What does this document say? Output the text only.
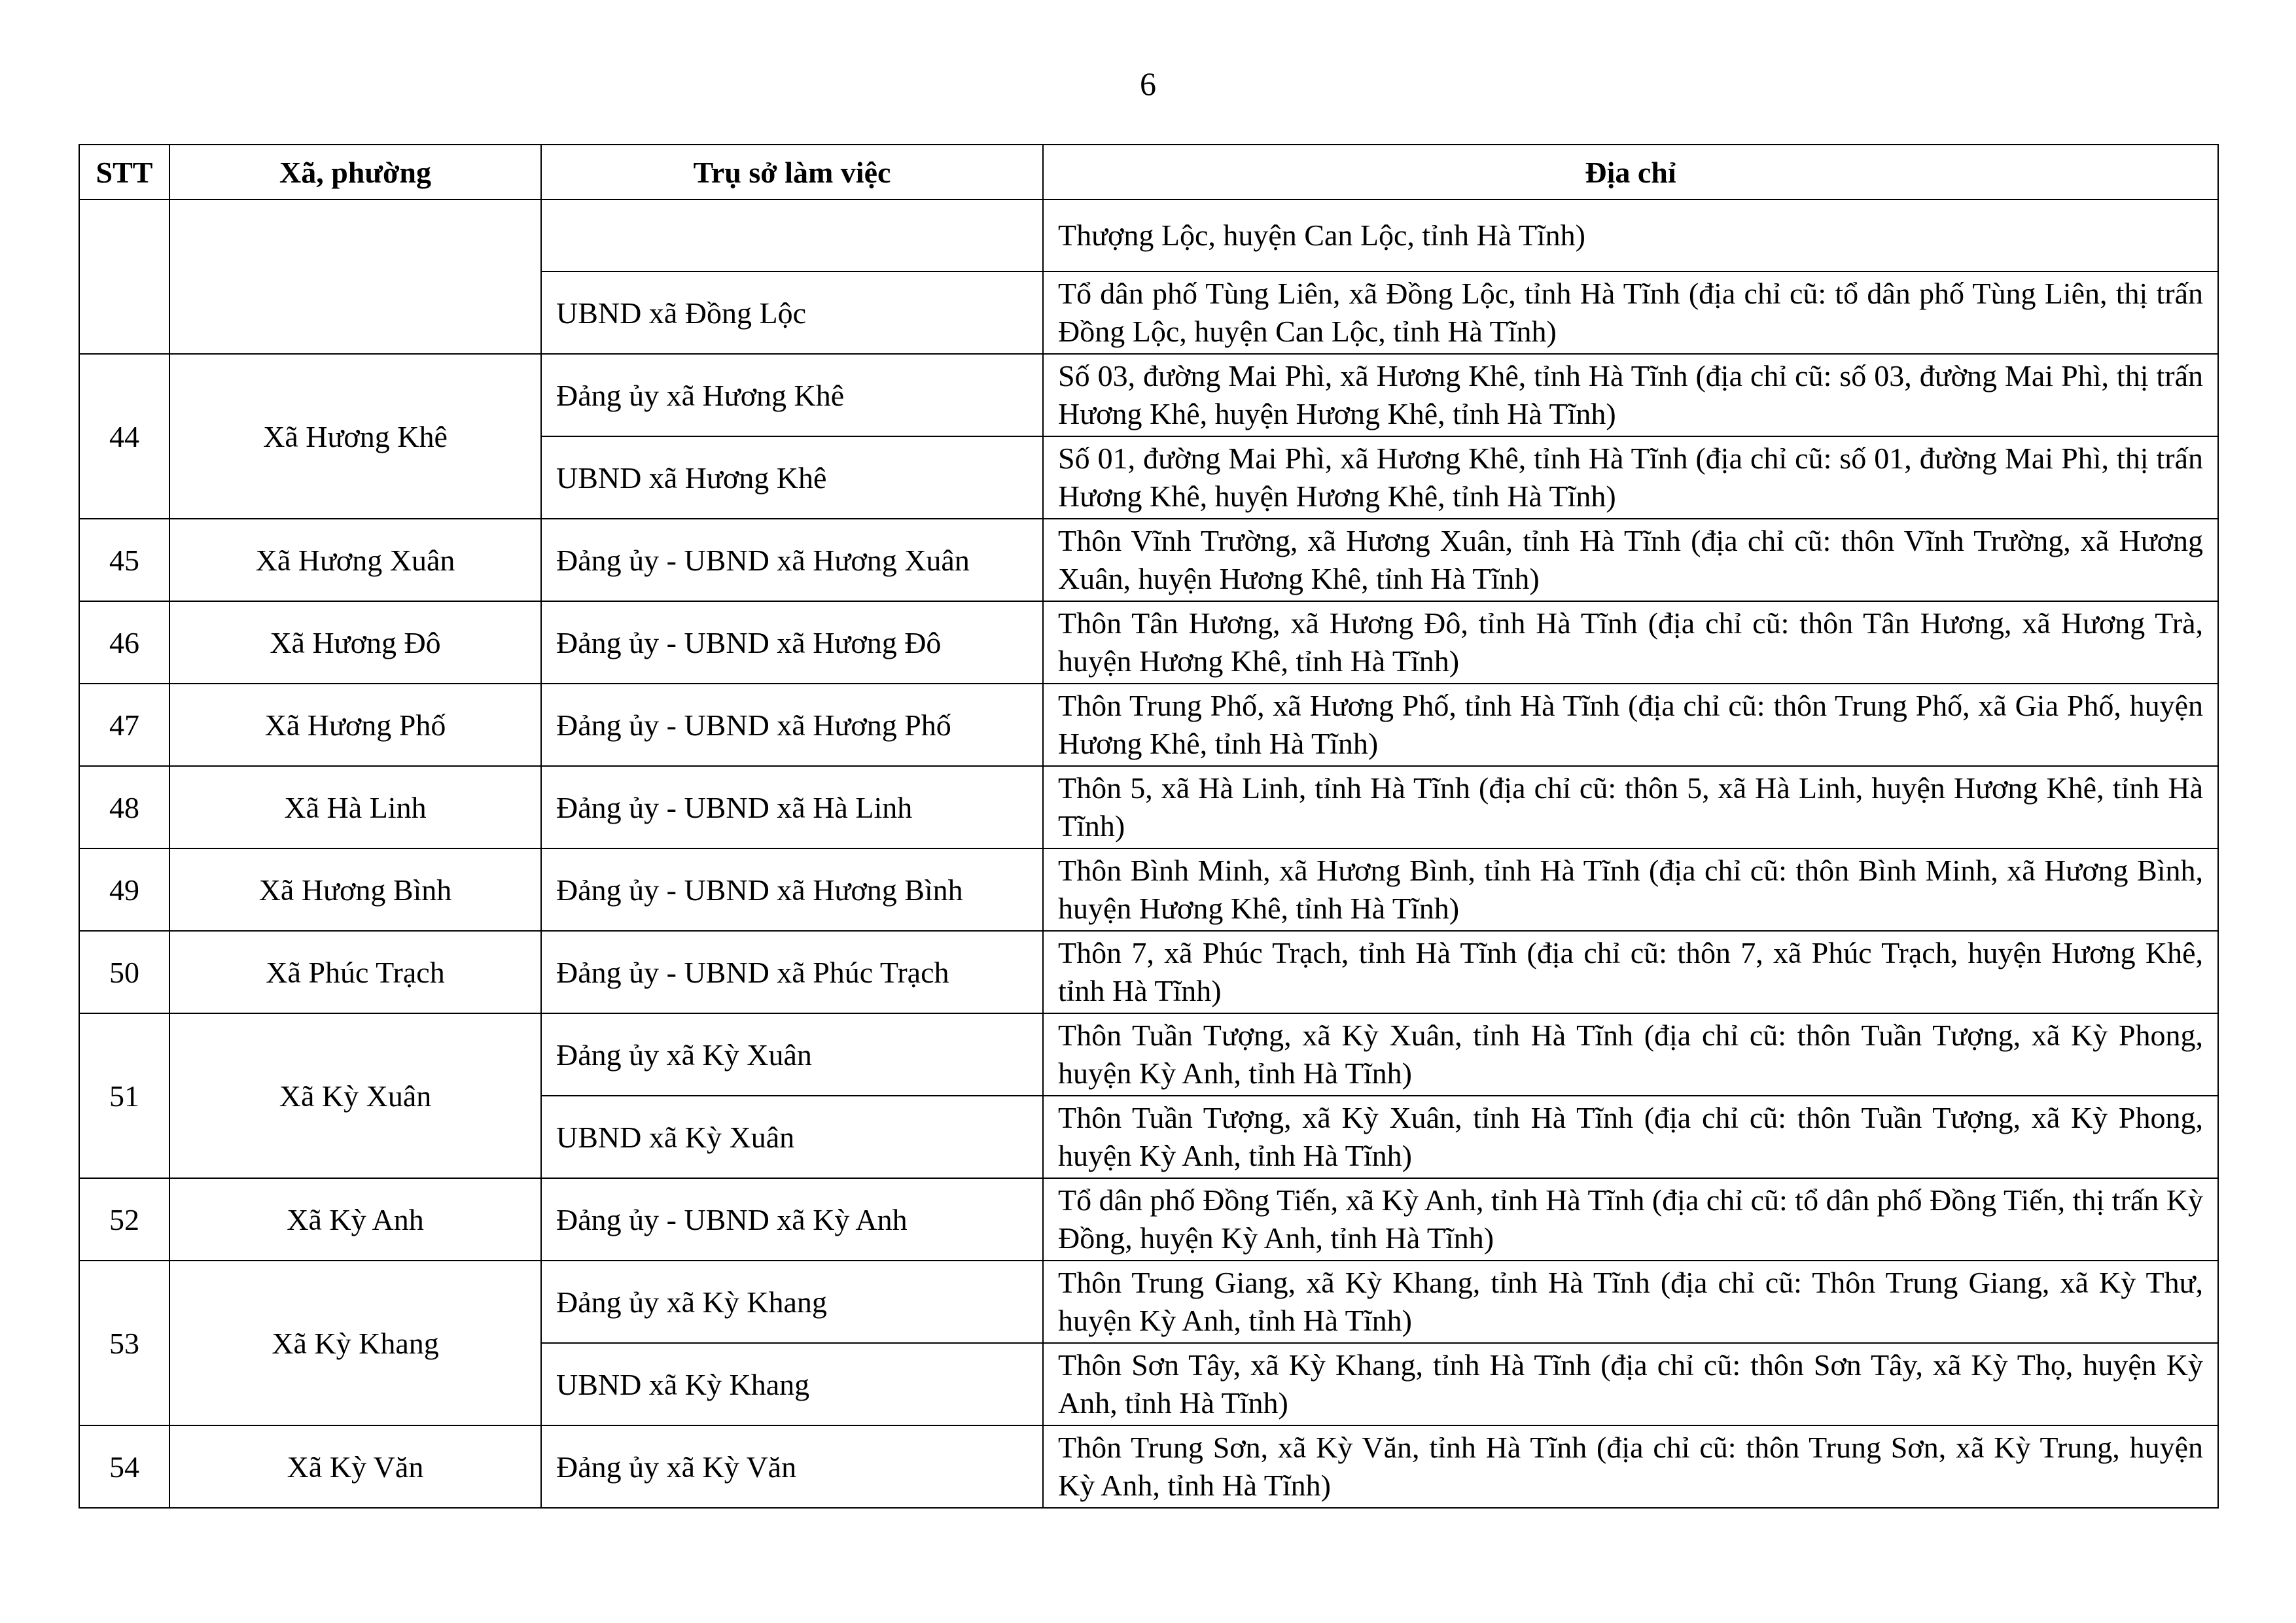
6
STT	Xã, phường	Trụ sở làm việc	Địa chỉ
			Thượng Lộc, huyện Can Lộc, tỉnh Hà Tĩnh)
		UBND xã Đồng Lộc	Tổ dân phố Tùng Liên, xã Đồng Lộc, tỉnh Hà Tĩnh (địa chỉ cũ: tổ dân phố Tùng Liên, thị trấn Đồng Lộc, huyện Can Lộc, tỉnh Hà Tĩnh)
44	Xã Hương Khê	Đảng ủy xã Hương Khê	Số 03, đường Mai Phì, xã Hương Khê, tỉnh Hà Tĩnh (địa chỉ cũ: số 03, đường Mai Phì, thị trấn Hương Khê, huyện Hương Khê, tỉnh Hà Tĩnh)
		UBND xã Hương Khê	Số 01, đường Mai Phì, xã Hương Khê, tỉnh Hà Tĩnh (địa chỉ cũ: số 01, đường Mai Phì, thị trấn Hương Khê, huyện Hương Khê, tỉnh Hà Tĩnh)
45	Xã Hương Xuân	Đảng ủy - UBND xã Hương Xuân	Thôn Vĩnh Trường, xã Hương Xuân, tỉnh Hà Tĩnh (địa chỉ cũ: thôn Vĩnh Trường, xã Hương Xuân, huyện Hương Khê, tỉnh Hà Tĩnh)
46	Xã Hương Đô	Đảng ủy - UBND xã Hương Đô	Thôn Tân Hương, xã Hương Đô, tỉnh Hà Tĩnh (địa chỉ cũ: thôn Tân Hương, xã Hương Trà, huyện Hương Khê, tỉnh Hà Tĩnh)
47	Xã Hương Phố	Đảng ủy - UBND xã Hương Phố	Thôn Trung Phố, xã Hương Phố, tỉnh Hà Tĩnh (địa chỉ cũ: thôn Trung Phố, xã Gia Phố, huyện Hương Khê, tỉnh Hà Tĩnh)
48	Xã Hà Linh	Đảng ủy - UBND xã Hà Linh	Thôn 5, xã Hà Linh, tỉnh Hà Tĩnh (địa chỉ cũ: thôn 5, xã Hà Linh, huyện Hương Khê, tỉnh Hà Tĩnh)
49	Xã Hương Bình	Đảng ủy - UBND xã Hương Bình	Thôn Bình Minh, xã Hương Bình, tỉnh Hà Tĩnh (địa chỉ cũ: thôn Bình Minh, xã Hương Bình, huyện Hương Khê, tỉnh Hà Tĩnh)
50	Xã Phúc Trạch	Đảng ủy - UBND xã Phúc Trạch	Thôn 7, xã Phúc Trạch, tỉnh Hà Tĩnh (địa chỉ cũ: thôn 7, xã Phúc Trạch, huyện Hương Khê, tỉnh Hà Tĩnh)
51	Xã Kỳ Xuân	Đảng ủy xã Kỳ Xuân	Thôn Tuần Tượng, xã Kỳ Xuân, tỉnh Hà Tĩnh (địa chỉ cũ: thôn Tuần Tượng, xã Kỳ Phong, huyện Kỳ Anh, tỉnh Hà Tĩnh)
		UBND xã Kỳ Xuân	Thôn Tuần Tượng, xã Kỳ Xuân, tỉnh Hà Tĩnh (địa chỉ cũ: thôn Tuần Tượng, xã Kỳ Phong, huyện Kỳ Anh, tỉnh Hà Tĩnh)
52	Xã Kỳ Anh	Đảng ủy - UBND xã Kỳ Anh	Tổ dân phố Đồng Tiến, xã Kỳ Anh, tỉnh Hà Tĩnh (địa chỉ cũ: tổ dân phố Đồng Tiến, thị trấn Kỳ Đồng, huyện Kỳ Anh, tỉnh Hà Tĩnh)
53	Xã Kỳ Khang	Đảng ủy xã Kỳ Khang	Thôn Trung Giang, xã Kỳ Khang, tỉnh Hà Tĩnh (địa chỉ cũ: Thôn Trung Giang, xã Kỳ Thư, huyện Kỳ Anh, tỉnh Hà Tĩnh)
		UBND xã Kỳ Khang	Thôn Sơn Tây, xã Kỳ Khang, tỉnh Hà Tĩnh (địa chỉ cũ: thôn Sơn Tây, xã Kỳ Thọ, huyện Kỳ Anh, tỉnh Hà Tĩnh)
54	Xã Kỳ Văn	Đảng ủy xã Kỳ Văn	Thôn Trung Sơn, xã Kỳ Văn, tỉnh Hà Tĩnh (địa chỉ cũ: thôn Trung Sơn, xã Kỳ Trung, huyện Kỳ Anh, tỉnh Hà Tĩnh)
